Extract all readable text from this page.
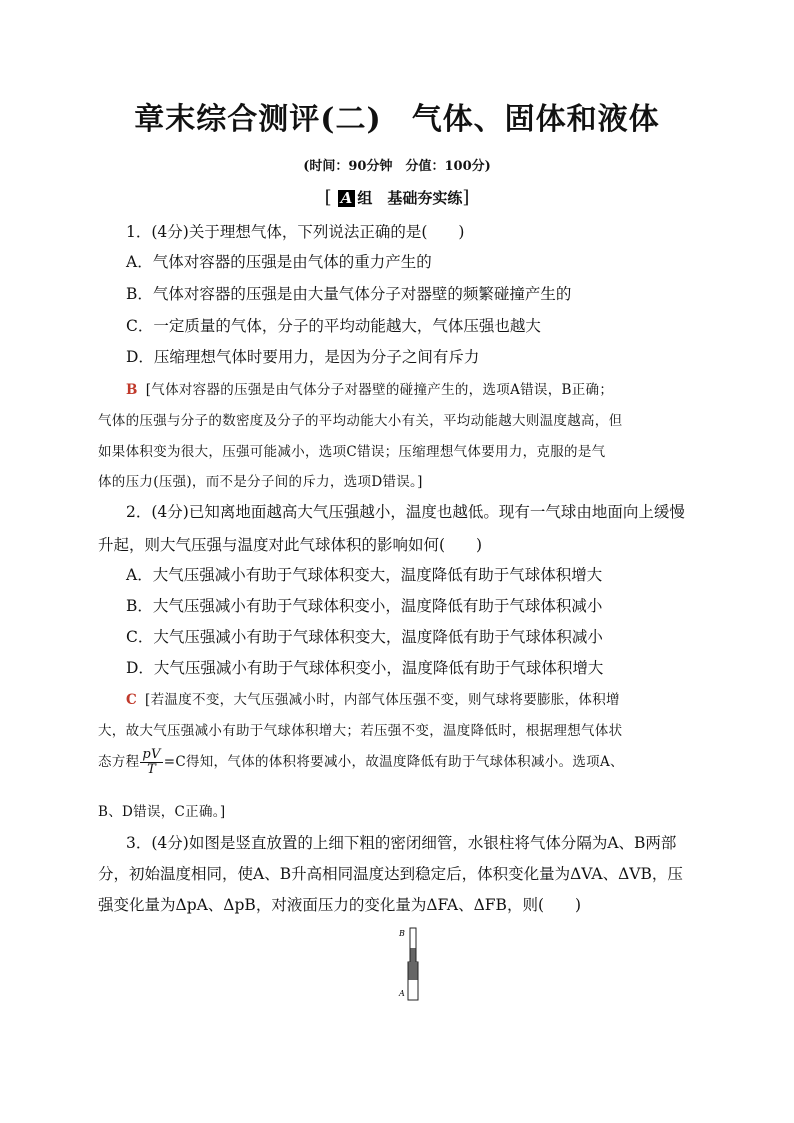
章末综合测评(二) 气体、固体和液体
(时间：90分钟　分值：100分)
[ A 组　基础夯实练]
1．(4分)关于理想气体，下列说法正确的是(　　)
A．气体对容器的压强是由气体的重力产生的
B．气体对容器的压强是由大量气体分子对器壁的频繁碰撞产生的
C．一定质量的气体，分子的平均动能越大，气体压强也越大
D．压缩理想气体时要用力，是因为分子之间有斥力
B [气体对容器的压强是由气体分子对器壁的碰撞产生的，选项A错误，B正确；
气体的压强与分子的数密度及分子的平均动能大小有关，平均动能越大则温度越高，但
如果体积变为很大，压强可能减小，选项C错误；压缩理想气体要用力，克服的是气
体的压力(压强)，而不是分子间的斥力，选项D错误。]
2．(4分)已知离地面越高大气压强越小，温度也越低。现有一气球由地面向上缓慢
升起，则大气压强与温度对此气球体积的影响如何(　　)
A．大气压强减小有助于气球体积变大，温度降低有助于气球体积增大
B．大气压强减小有助于气球体积变小，温度降低有助于气球体积减小
C．大气压强减小有助于气球体积变大，温度降低有助于气球体积减小
D．大气压强减小有助于气球体积变小，温度降低有助于气球体积增大
C [若温度不变，大气压强减小时，内部气体压强不变，则气球将要膨胀，体积增
大，故大气压强减小有助于气球体积增大；若压强不变，温度降低时，根据理想气体状
态方程 $\frac{pV}{T} =C$得知，气体的体积将要减小，故温度降低有助于气球体积减小。选项A、
B、D错误，C正确。]
3．(4分)如图是竖直放置的上细下粗的密闭细管，水银柱将气体分隔为A、B两部
分，初始温度相同，使A、B升高相同温度达到稳定后，体积变化量为ΔVA、ΔVB，压
强变化量为ΔpA、ΔpB，对液面压力的变化量为ΔFA、ΔFB，则(　　)
B
A
